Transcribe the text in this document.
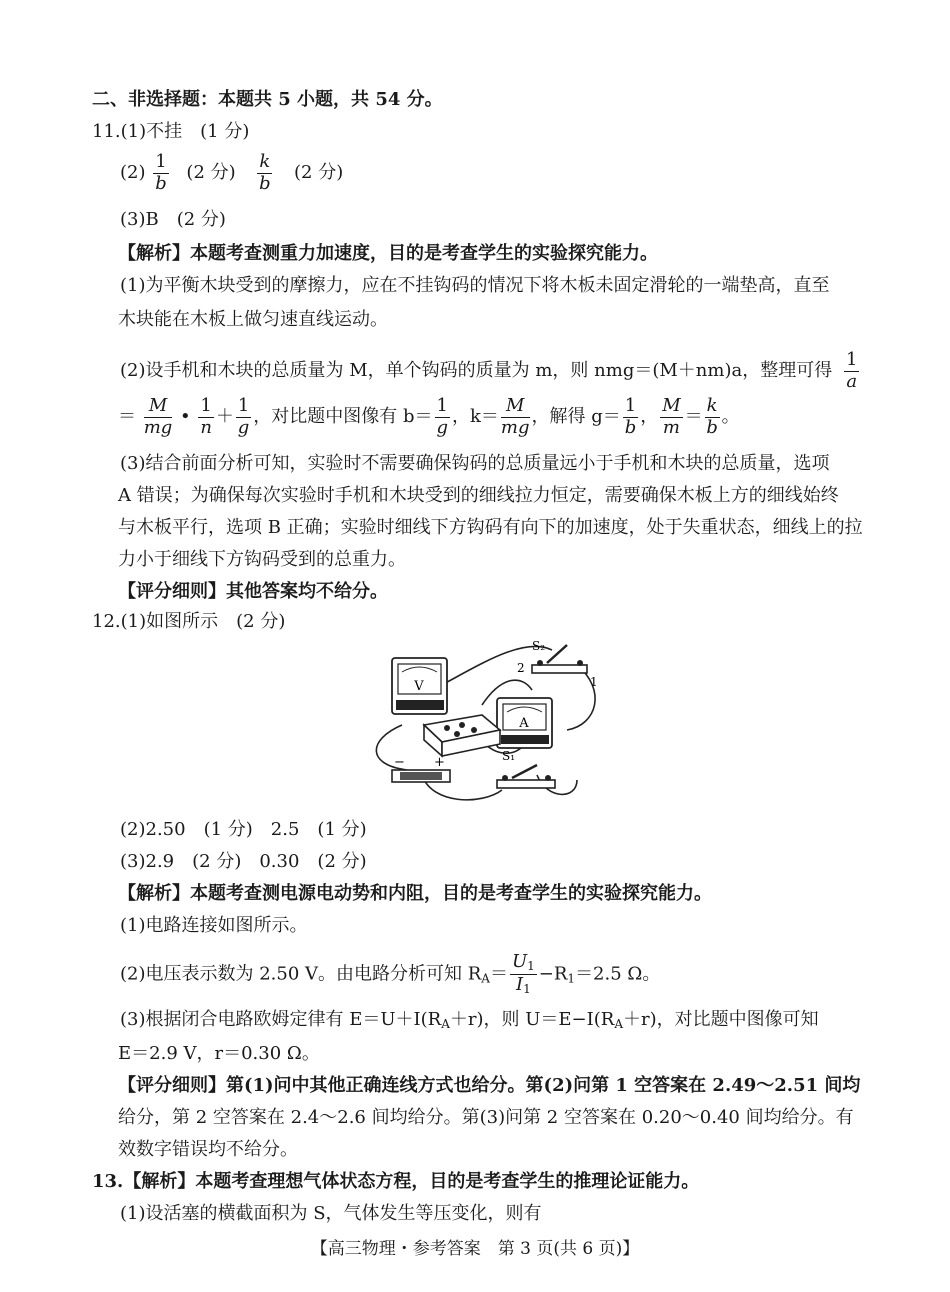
二、非选择题：本题共 5 小题，共 54 分。
11.(1)不挂　(1 分)
$(2) \frac{1}{b} (2$ 分) $\frac{k}{b} (2$ 分)
(3)B　(2 分)
【解析】本题考查测重力加速度，目的是考查学生的实验探究能力。
(1)为平衡木块受到的摩擦力，应在不挂钩码的情况下将木板未固定滑轮的一端垫高，直至
木块能在木板上做匀速直线运动。
(2)设手机和木块的总质量为 M，单个钩码的质量为 m，则 nmg＝(M＋nm)a，整理可得 $\frac{1}{a}$
＝ $\frac{M}{mg}$ • $\frac{1}{n} + \frac{1}{g}$ ，对比题中图像有 $b= \frac{1}{g}$ ，$k= \frac{M}{mg}$ ，解得 $g= \frac{1}{b}$ ， $\frac{M}{m} = \frac{k}{b}$ 。
(3)结合前面分析可知，实验时不需要确保钩码的总质量远小于手机和木块的总质量，选项
A 错误；为确保每次实验时手机和木块受到的细线拉力恒定，需要确保木板上方的细线始终
与木板平行，选项 B 正确；实验时细线下方钩码有向下的加速度，处于失重状态，细线上的拉
力小于细线下方钩码受到的总重力。
【评分细则】其他答案均不给分。
12.(1)如图所示　(2 分)
V
A
− +
S₂
2
1
S₁
(2)2.50　(1 分)　2.5　(1 分)
(3)2.9　(2 分)　0.30　(2 分)
【解析】本题考查测电源电动势和内阻，目的是考查学生的实验探究能力。
(1)电路连接如图所示。
(2)电压表示数为 2.50 V。由电路分析可知 $R_A= \frac{U_1}{I_1} -R_1=2.5$ Ω。
(3)根据闭合电路欧姆定律有 $E=U+I(R_A+r)$，则 $U=E-I(R_A+r)$，对比题中图像可知
E＝2.9 V，r＝0.30 Ω。
【评分细则】第(1)问中其他正确连线方式也给分。第(2)问第 1 空答案在 2.49～2.51 间均
给分，第 2 空答案在 2.4～2.6 间均给分。第(3)问第 2 空答案在 0.20～0.40 间均给分。有
效数字错误均不给分。
13.【解析】本题考查理想气体状态方程，目的是考查学生的推理论证能力。
(1)设活塞的横截面积为 S，气体发生等压变化，则有
【高三物理・参考答案　第 3 页(共 6 页)】
